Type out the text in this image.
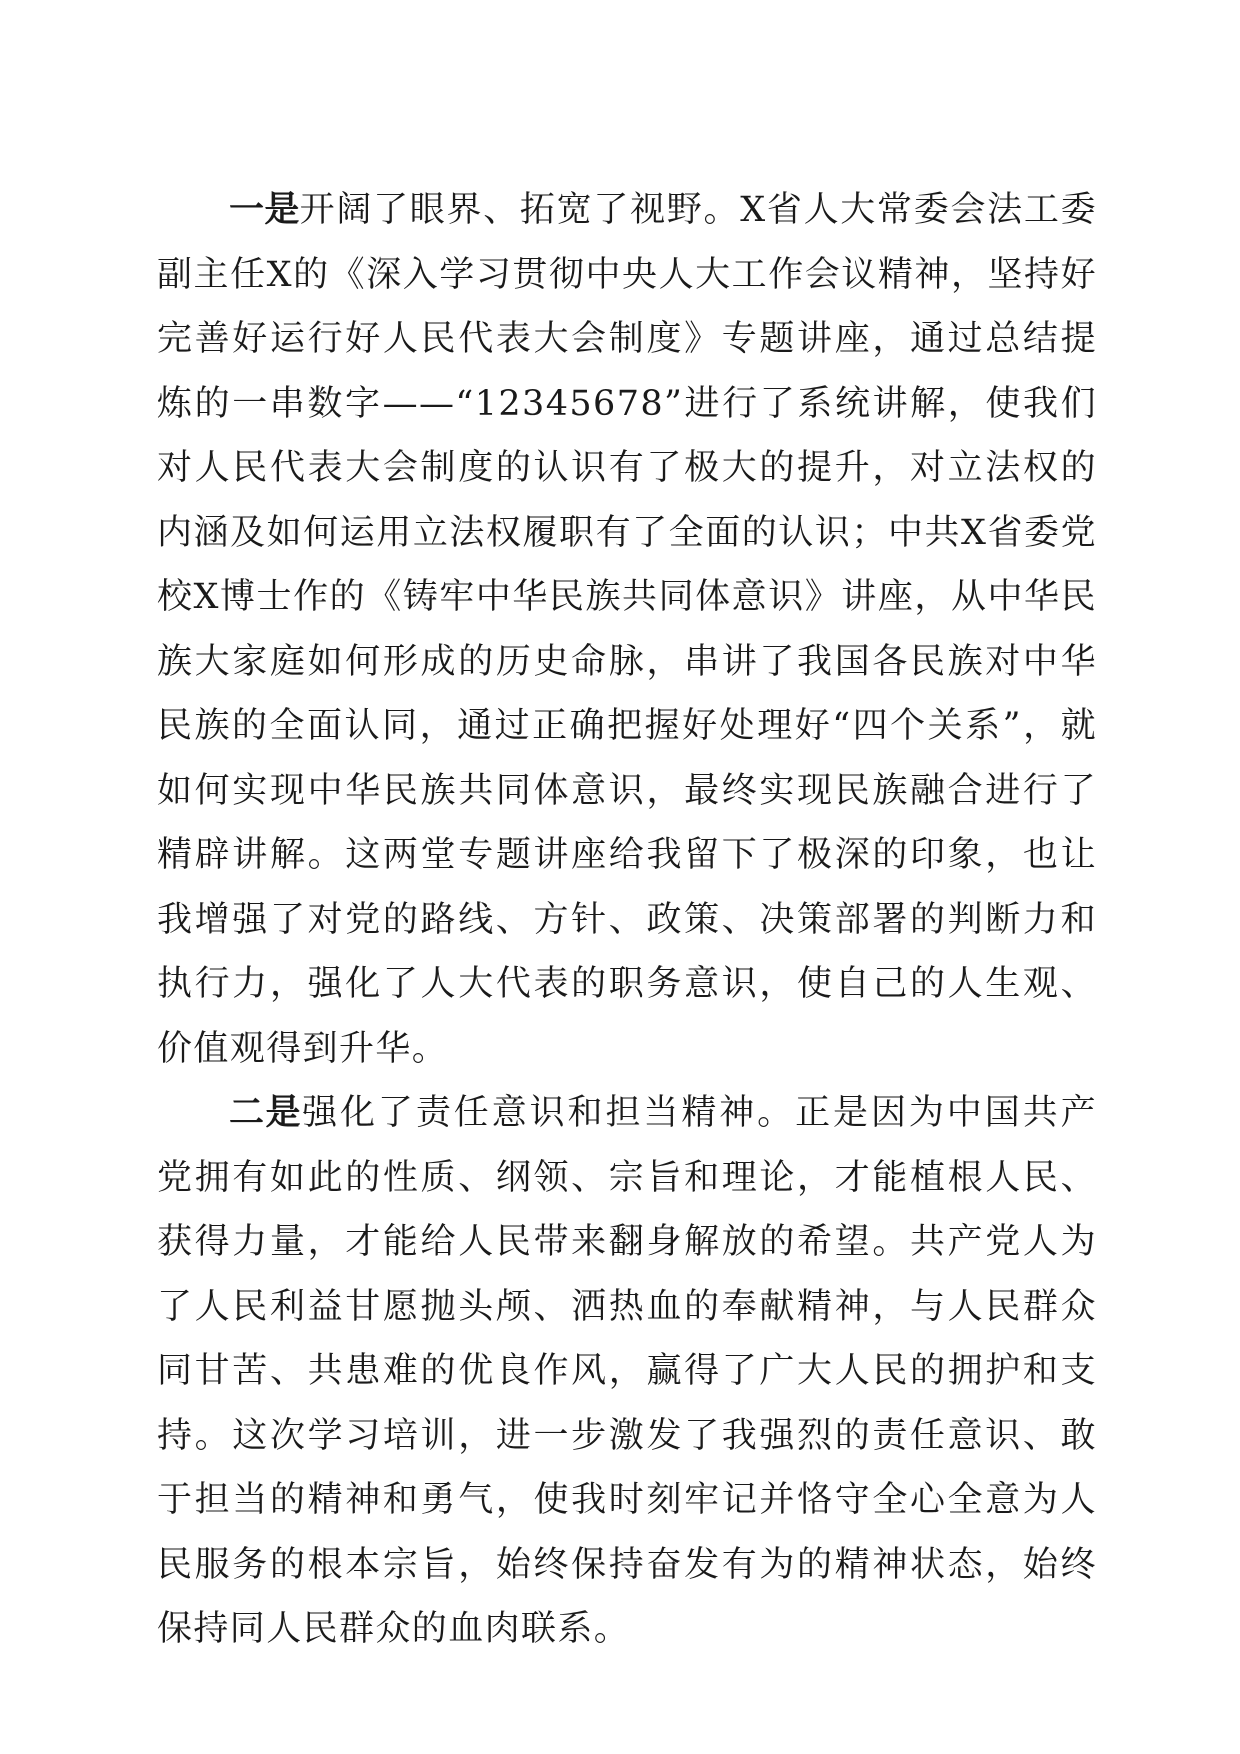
一是开阔了眼界、拓宽了视野。X省人大常委会法工委副主任X的《深入学习贯彻中央人大工作会议精神，坚持好完善好运行好人民代表大会制度》专题讲座，通过总结提炼的一串数字——“12345678”进行了系统讲解，使我们对人民代表大会制度的认识有了极大的提升，对立法权的内涵及如何运用立法权履职有了全面的认识；中共X省委党校X博士作的《铸牢中华民族共同体意识》讲座，从中华民族大家庭如何形成的历史命脉，串讲了我国各民族对中华民族的全面认同，通过正确把握好处理好“四个关系”，就如何实现中华民族共同体意识，最终实现民族融合进行了精辟讲解。这两堂专题讲座给我留下了极深的印象，也让我增强了对党的路线、方针、政策、决策部署的判断力和执行力，强化了人大代表的职务意识，使自己的人生观、价值观得到升华。

二是强化了责任意识和担当精神。正是因为中国共产党拥有如此的性质、纲领、宗旨和理论，才能植根人民、获得力量，才能给人民带来翻身解放的希望。共产党人为了人民利益甘愿抛头颅、洒热血的奉献精神，与人民群众同甘苦、共患难的优良作风，赢得了广大人民的拥护和支持。这次学习培训，进一步激发了我强烈的责任意识、敢于担当的精神和勇气，使我时刻牢记并恪守全心全意为人民服务的根本宗旨，始终保持奋发有为的精神状态，始终保持同人民群众的血肉联系。
